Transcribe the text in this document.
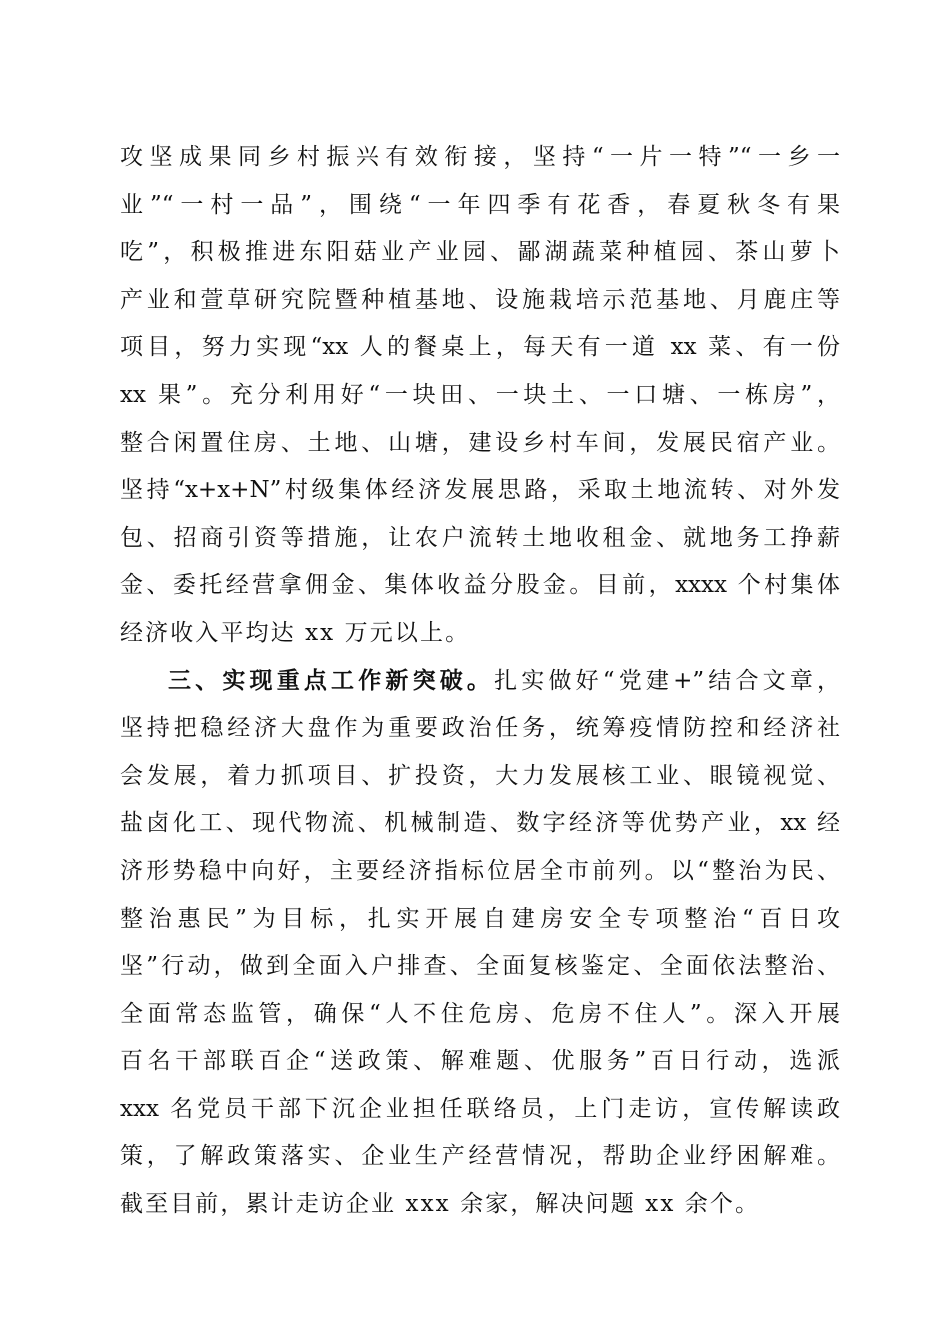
攻坚成果同乡村振兴有效衔接，坚持“一片一特”“一乡一
业”“一村一品”，围绕“一年四季有花香，春夏秋冬有果
吃”，积极推进东阳菇业产业园、鄙湖蔬菜种植园、茶山萝卜
产业和萱草研究院暨种植基地、设施栽培示范基地、月鹿庄等
项目，努力实现“xx 人的餐桌上，每天有一道 xx 菜、有一份
xx 果”。充分利用好“一块田、一块土、一口塘、一栋房”，
整合闲置住房、土地、山塘，建设乡村车间，发展民宿产业。
坚持“x+x+N”村级集体经济发展思路，采取土地流转、对外发
包、招商引资等措施，让农户流转土地收租金、就地务工挣薪
金、委托经营拿佣金、集体收益分股金。目前，xxxx 个村集体
经济收入平均达 xx 万元以上。
三、实现重点工作新突破。扎实做好“党建+”结合文章，
坚持把稳经济大盘作为重要政治任务，统筹疫情防控和经济社
会发展，着力抓项目、扩投资，大力发展核工业、眼镜视觉、
盐卤化工、现代物流、机械制造、数字经济等优势产业，xx 经
济形势稳中向好，主要经济指标位居全市前列。以“整治为民、
整治惠民”为目标，扎实开展自建房安全专项整治“百日攻
坚”行动，做到全面入户排查、全面复核鉴定、全面依法整治、
全面常态监管，确保“人不住危房、危房不住人”。深入开展
百名干部联百企“送政策、解难题、优服务”百日行动，选派
xxx 名党员干部下沉企业担任联络员，上门走访，宣传解读政
策，了解政策落实、企业生产经营情况，帮助企业纾困解难。
截至目前，累计走访企业 xxx 余家，解决问题 xx 余个。
